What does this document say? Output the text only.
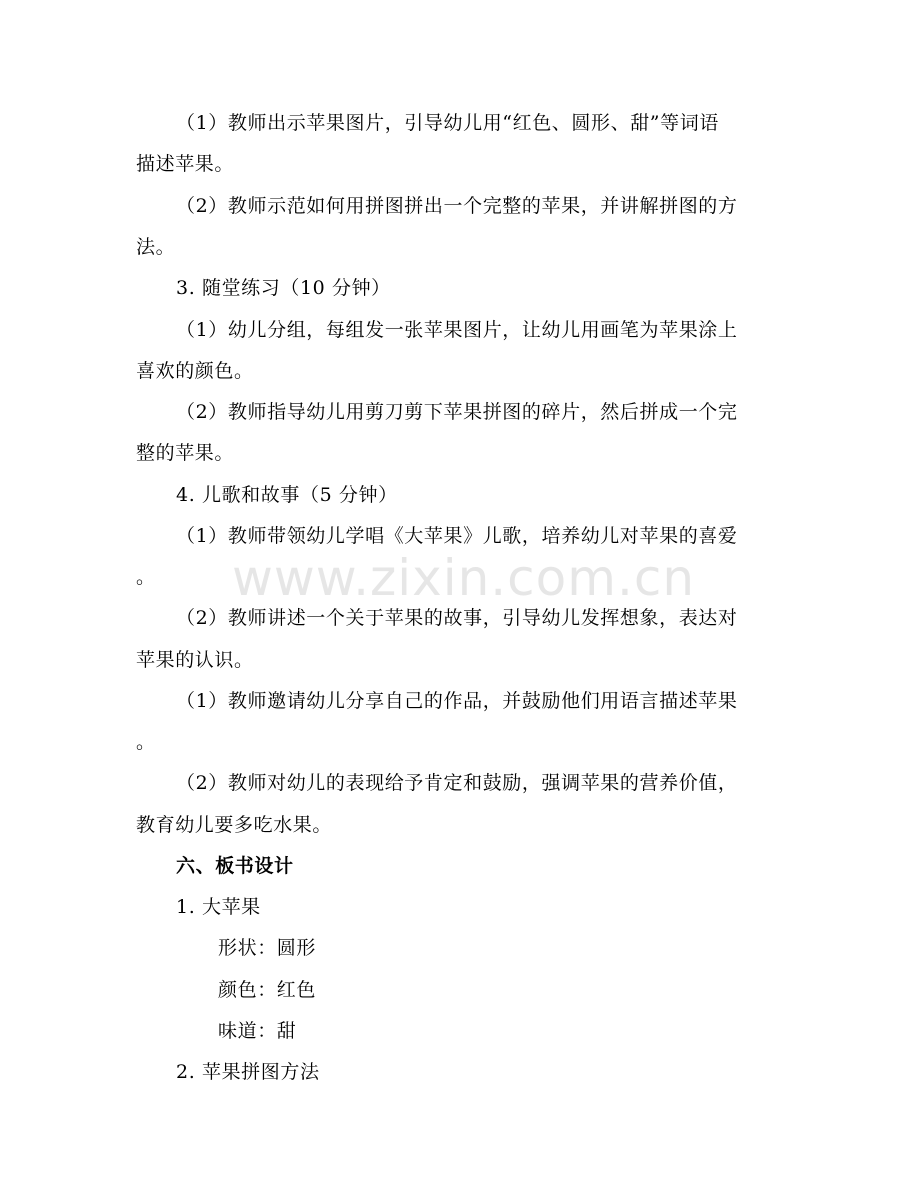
www.zixin.com.cn
（1）教师出示苹果图片，引导幼儿用“红色、圆形、甜”等词语
描述苹果。
（2）教师示范如何用拼图拼出一个完整的苹果，并讲解拼图的方
法。
3. 随堂练习（10 分钟）
（1）幼儿分组，每组发一张苹果图片，让幼儿用画笔为苹果涂上
喜欢的颜色。
（2）教师指导幼儿用剪刀剪下苹果拼图的碎片，然后拼成一个完
整的苹果。
4. 儿歌和故事（5 分钟）
（1）教师带领幼儿学唱《大苹果》儿歌，培养幼儿对苹果的喜爱
。
（2）教师讲述一个关于苹果的故事，引导幼儿发挥想象，表达对
苹果的认识。
（1）教师邀请幼儿分享自己的作品，并鼓励他们用语言描述苹果
。
（2）教师对幼儿的表现给予肯定和鼓励，强调苹果的营养价值，
教育幼儿要多吃水果。
六、板书设计
1. 大苹果
形状：圆形
颜色：红色
味道：甜
2. 苹果拼图方法
